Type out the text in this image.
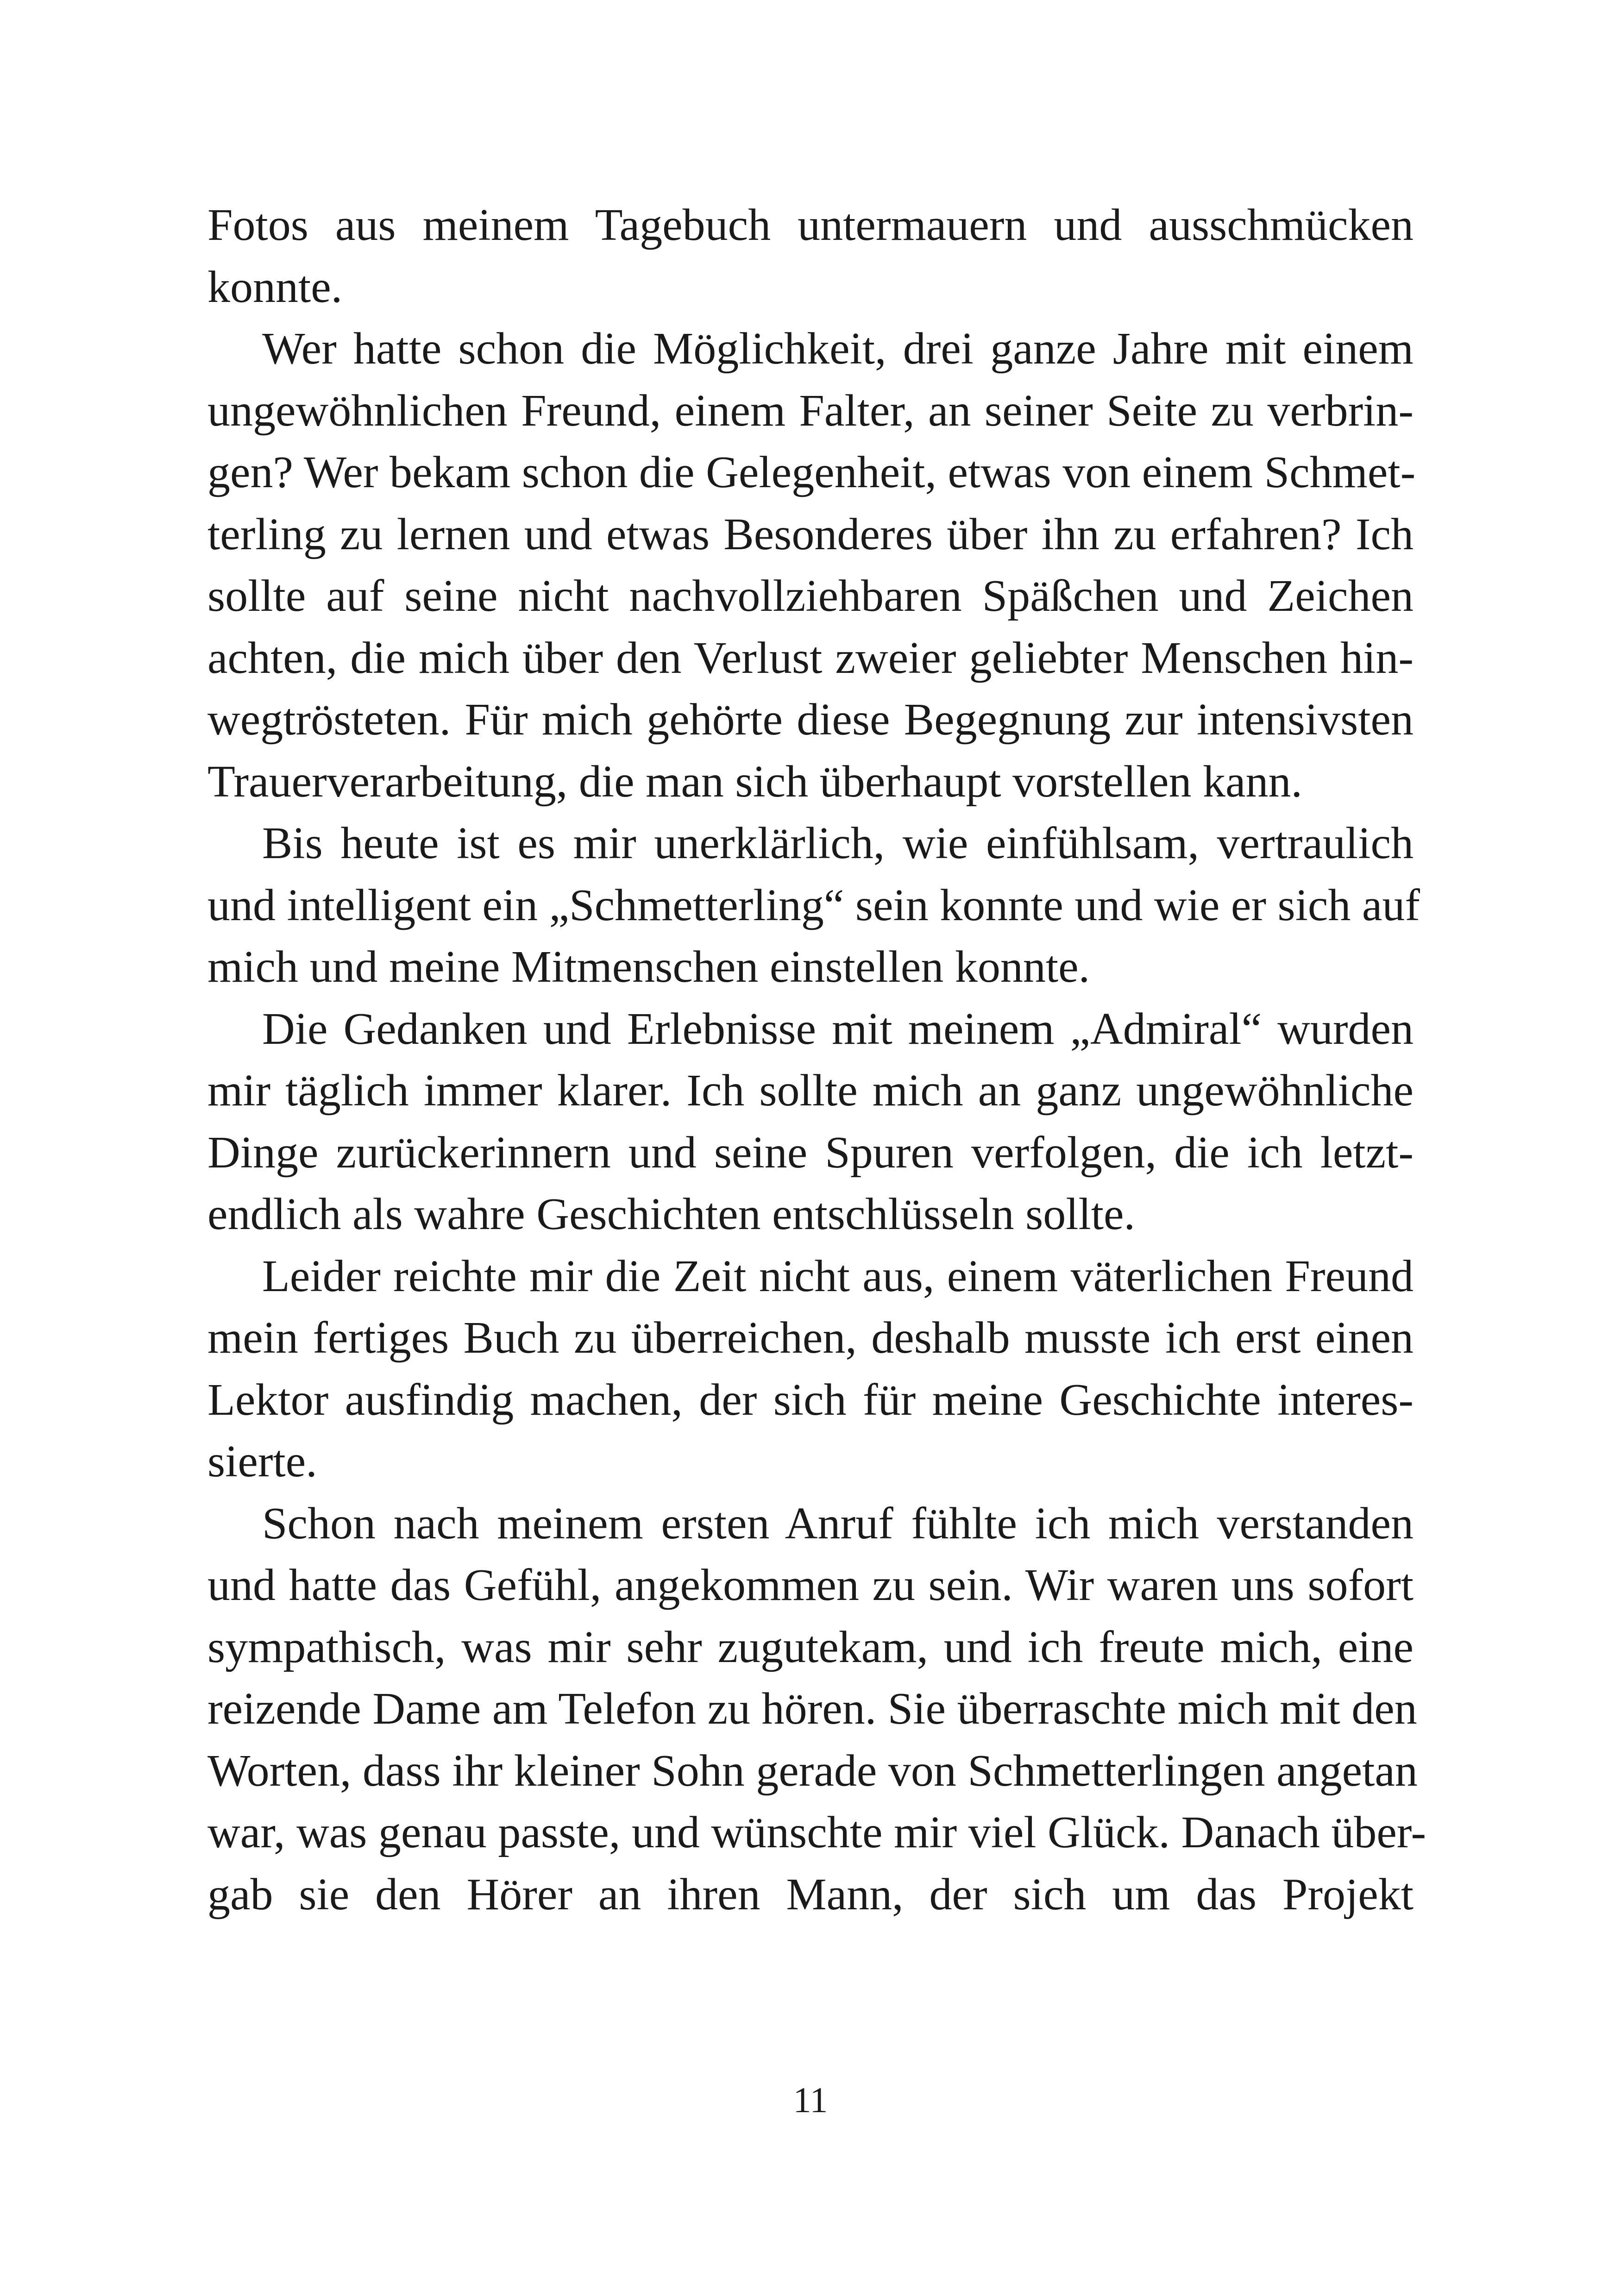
Fotos aus meinem Tagebuch untermauern und ausschmücken
konnte.
Wer hatte schon die Möglichkeit, drei ganze Jahre mit einem
ungewöhnlichen Freund, einem Falter, an seiner Seite zu verbrin-
gen? Wer bekam schon die Gelegenheit, etwas von einem Schmet-
terling zu lernen und etwas Besonderes über ihn zu erfahren? Ich
sollte auf seine nicht nachvollziehbaren Späßchen und Zeichen
achten, die mich über den Verlust zweier geliebter Menschen hin-
wegtrösteten. Für mich gehörte diese Begegnung zur intensivsten
Trauerverarbeitung, die man sich überhaupt vorstellen kann.
Bis heute ist es mir unerklärlich, wie einfühlsam, vertraulich
und intelligent ein „Schmetterling“ sein konnte und wie er sich auf
mich und meine Mitmenschen einstellen konnte.
Die Gedanken und Erlebnisse mit meinem „Admiral“ wurden
mir täglich immer klarer. Ich sollte mich an ganz ungewöhnliche
Dinge zurückerinnern und seine Spuren verfolgen, die ich letzt-
endlich als wahre Geschichten entschlüsseln sollte.
Leider reichte mir die Zeit nicht aus, einem väterlichen Freund
mein fertiges Buch zu überreichen, deshalb musste ich erst einen
Lektor ausfindig machen, der sich für meine Geschichte interes-
sierte.
Schon nach meinem ersten Anruf fühlte ich mich verstanden
und hatte das Gefühl, angekommen zu sein. Wir waren uns sofort
sympathisch, was mir sehr zugutekam, und ich freute mich, eine
reizende Dame am Telefon zu hören. Sie überraschte mich mit den
Worten, dass ihr kleiner Sohn gerade von Schmetterlingen angetan
war, was genau passte, und wünschte mir viel Glück. Danach über-
gab sie den Hörer an ihren Mann, der sich um das Projekt
11
